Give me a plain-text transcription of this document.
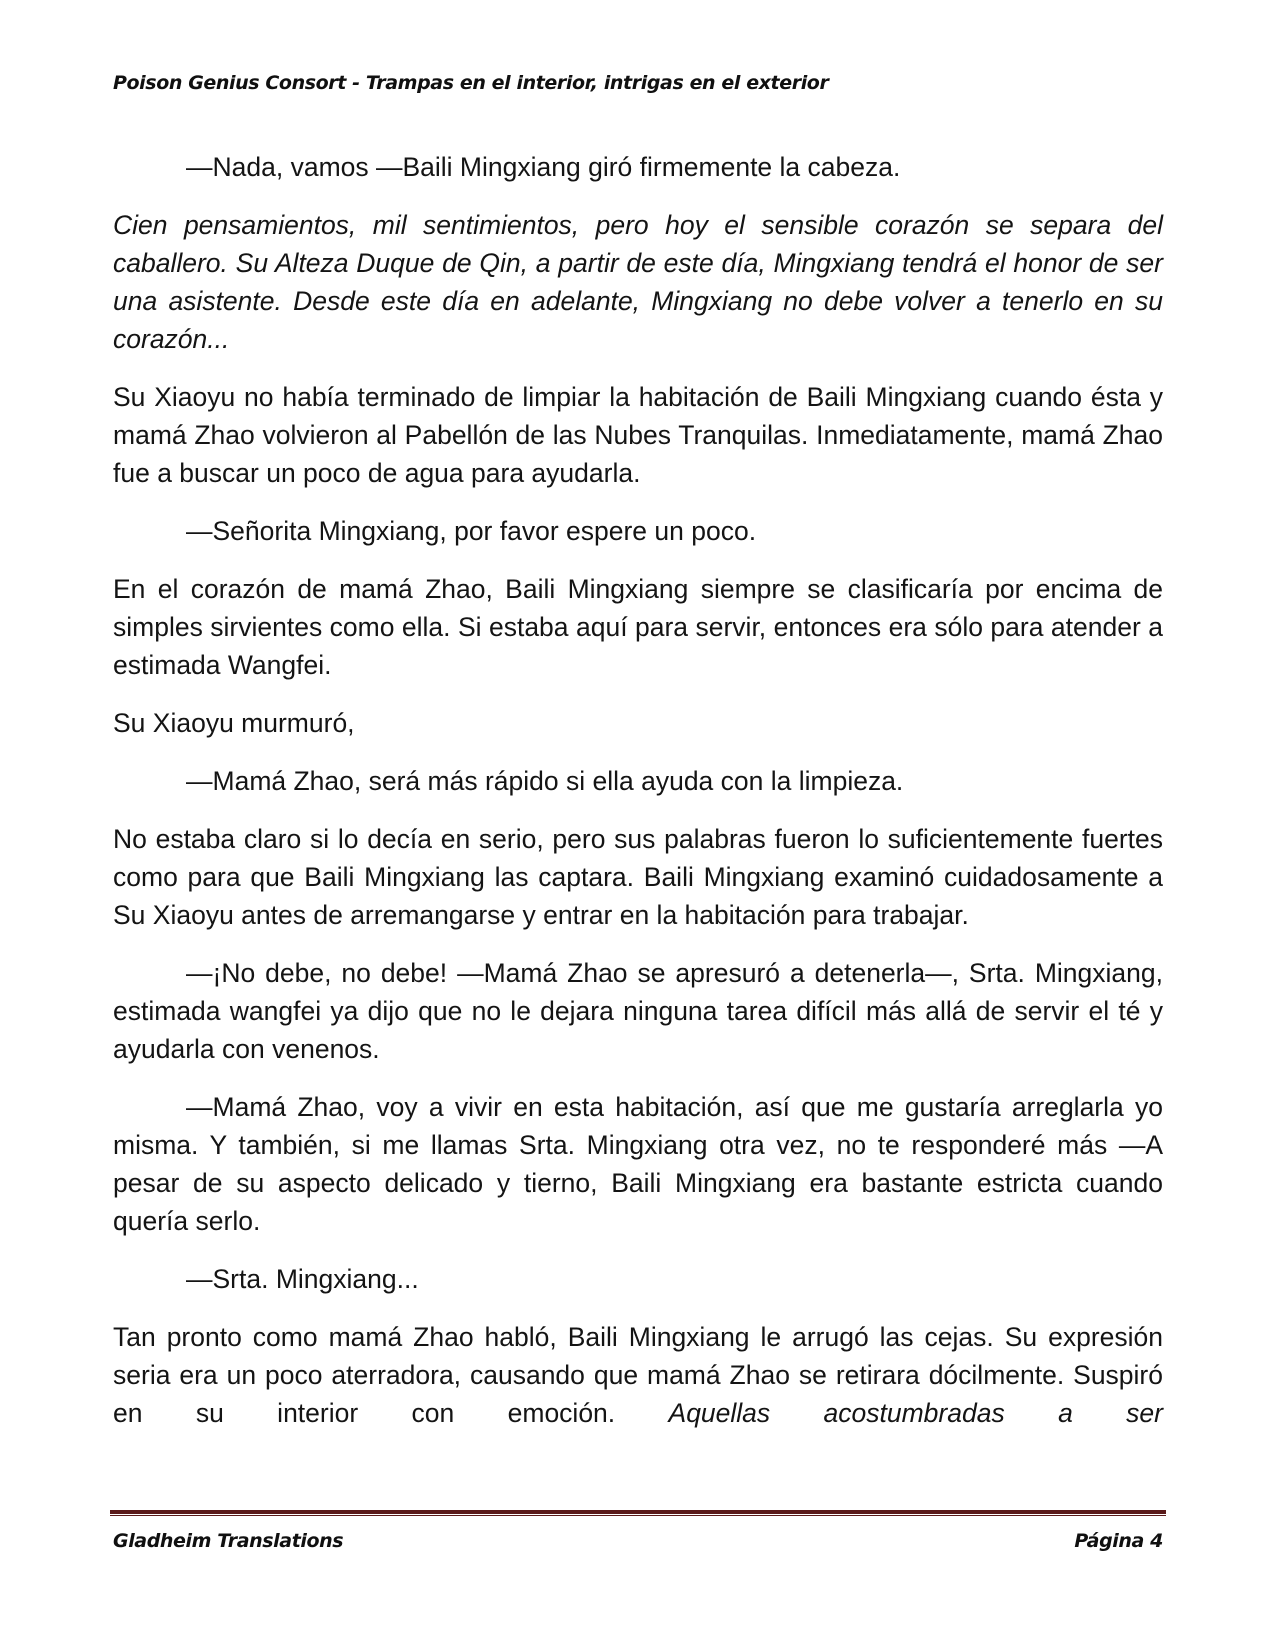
Poison Genius Consort - Trampas en el interior, intrigas en el exterior

—Nada, vamos —Baili Mingxiang giró firmemente la cabeza.

Cien pensamientos, mil sentimientos, pero hoy el sensible corazón se separa del caballero. Su Alteza Duque de Qin, a partir de este día, Mingxiang tendrá el honor de ser una asistente. Desde este día en adelante, Mingxiang no debe volver a tenerlo en su corazón...

Su Xiaoyu no había terminado de limpiar la habitación de Baili Mingxiang cuando ésta y mamá Zhao volvieron al Pabellón de las Nubes Tranquilas. Inmediatamente, mamá Zhao fue a buscar un poco de agua para ayudarla.

—Señorita Mingxiang, por favor espere un poco.

En el corazón de mamá Zhao, Baili Mingxiang siempre se clasificaría por encima de simples sirvientes como ella. Si estaba aquí para servir, entonces era sólo para atender a estimada Wangfei.

Su Xiaoyu murmuró,

—Mamá Zhao, será más rápido si ella ayuda con la limpieza.

No estaba claro si lo decía en serio, pero sus palabras fueron lo suficientemente fuertes como para que Baili Mingxiang las captara. Baili Mingxiang examinó cuidadosamente a Su Xiaoyu antes de arremangarse y entrar en la habitación para trabajar.

—¡No debe, no debe! —Mamá Zhao se apresuró a detenerla—, Srta. Mingxiang, estimada wangfei ya dijo que no le dejara ninguna tarea difícil más allá de servir el té y ayudarla con venenos.

—Mamá Zhao, voy a vivir en esta habitación, así que me gustaría arreglarla yo misma. Y también, si me llamas Srta. Mingxiang otra vez, no te responderé más —A pesar de su aspecto delicado y tierno, Baili Mingxiang era bastante estricta cuando quería serlo.

—Srta. Mingxiang...

Tan pronto como mamá Zhao habló, Baili Mingxiang le arrugó las cejas. Su expresión seria era un poco aterradora, causando que mamá Zhao se retirara dócilmente. Suspiró en su interior con emoción. Aquellas acostumbradas a ser

Gladheim Translations	Página 4
